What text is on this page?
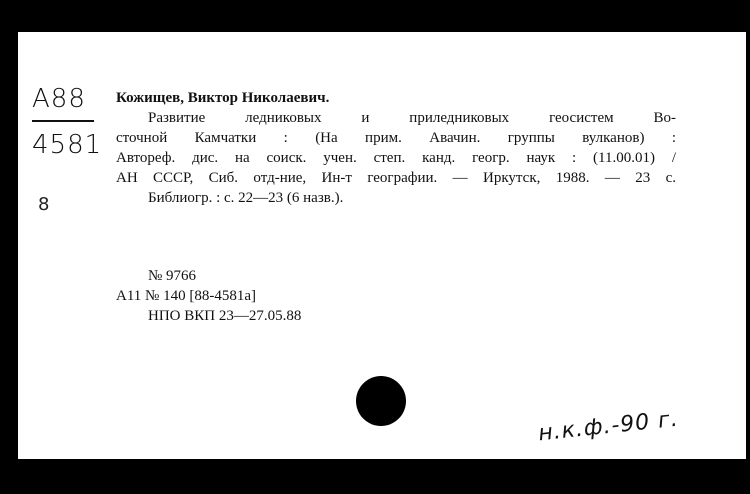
A88
4581
8
Кожищев, Виктор Николаевич.
Развитие ледниковых и приледниковых геосистем Во-
сточной Камчатки : (На прим. Авачин. группы вулканов) :
Автореф. дис. на соиск. учен. степ. канд. геогр. наук : (11.00.01) /
АН СССР, Сиб. отд-ние, Ин-т географии. — Иркутск, 1988. — 23 с.
Библиогр. : с. 22—23 (6 назв.).
№ 9766
A11 № 140 [88-4581a]
НПО ВКП 23—27.05.88
н.к.ф.-90 г.
